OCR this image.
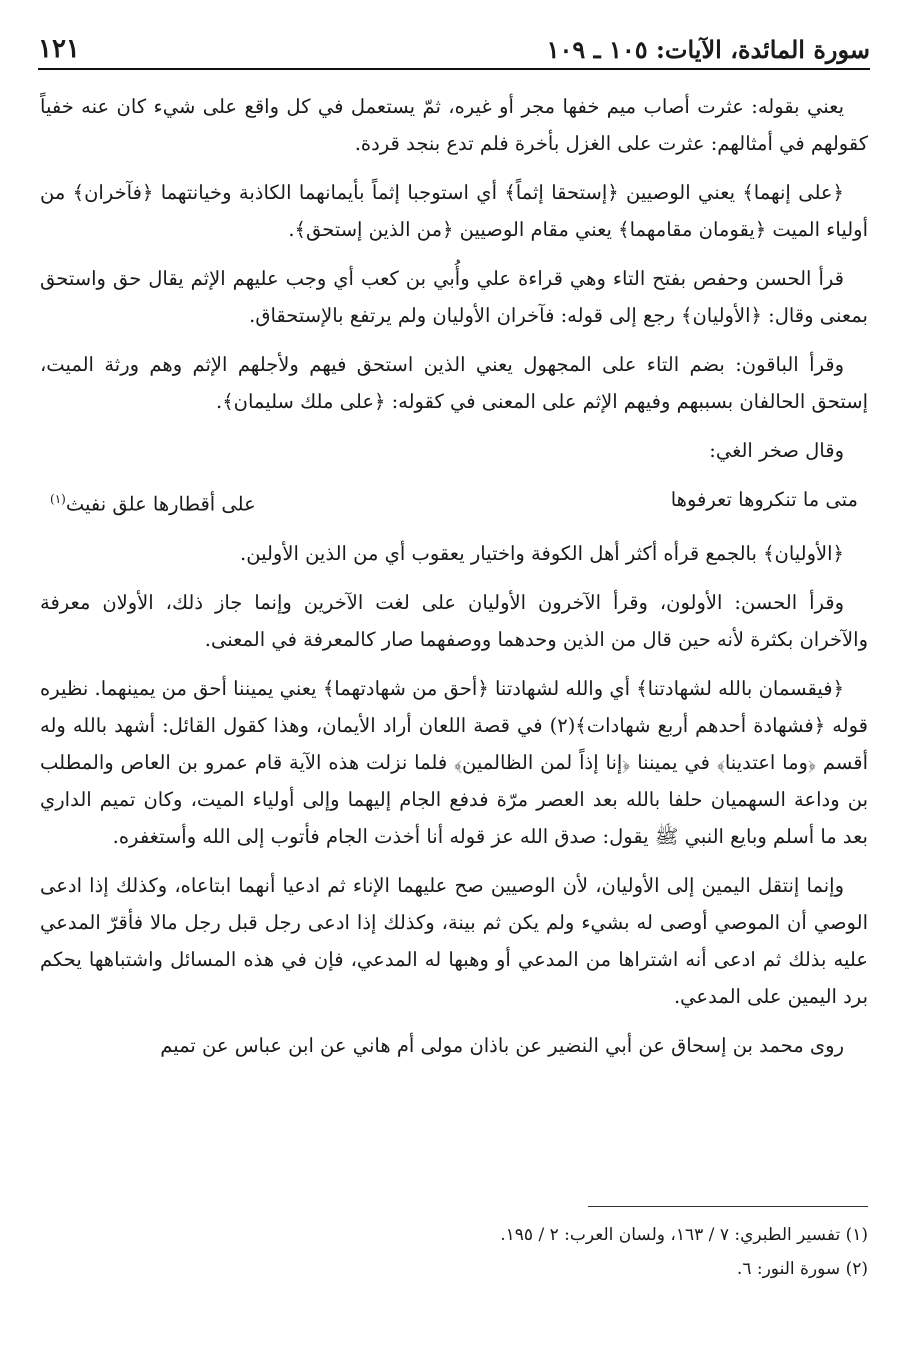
سورة المائدة، الآيات: ١٠٥ ـ ١٠٩
١٢١

يعني بقوله: عثرت أصاب ميم خفها مجر أو غيره، ثمّ يستعمل في كل واقع على شيء كان عنه خفياً كقولهم في أمثالهم: عثرت على الغزل بأخرة فلم تدع بنجد قردة.

﴿على إنهما﴾ يعني الوصيين ﴿إستحقا إثماً﴾ أي استوجبا إثماً بأيمانهما الكاذبة وخيانتهما ﴿فآخران﴾ من أولياء الميت ﴿يقومان مقامهما﴾ يعني مقام الوصيين ﴿من الذين إستحق﴾.

قرأ الحسن وحفص بفتح التاء وهي قراءة علي وأُبي بن كعب أي وجب عليهم الإثم يقال حق واستحق بمعنى وقال: ﴿الأوليان﴾ رجع إلى قوله: فآخران الأوليان ولم يرتفع بالإستحقاق.

وقرأ الباقون: بضم التاء على المجهول يعني الذين استحق فيهم ولأجلهم الإثم وهم ورثة الميت، إستحق الحالفان بسببهم وفيهم الإثم على المعنى في كقوله: ﴿على ملك سليمان﴾.

وقال صخر الغي:

متى ما تنكروها تعرفوها
على أقطارها علق نفيث$^{(١)}$

﴿الأوليان﴾ بالجمع قرأه أكثر أهل الكوفة واختيار يعقوب أي من الذين الأولين.

وقرأ الحسن: الأولون، وقرأ الآخرون الأوليان على لغت الآخرين وإنما جاز ذلك، الأولان معرفة والآخران بكثرة لأنه حين قال من الذين وحدهما ووصفهما صار كالمعرفة في المعنى.

﴿فيقسمان بالله لشهادتنا﴾ أي والله لشهادتنا ﴿أحق من شهادتهما﴾ يعني يميننا أحق من يمينهما. نظيره قوله ﴿فشهادة أحدهم أربع شهادات﴾(٢) في قصة اللعان أراد الأيمان، وهذا كقول القائل: أشهد بالله وله أقسم ﴿وما اعتدينا﴾ في يميننا ﴿إنا إذاً لمن الظالمين﴾ فلما نزلت هذه الآية قام عمرو بن العاص والمطلب بن وداعة السهميان حلفا بالله بعد العصر مرّة فدفع الجام إليهما وإلى أولياء الميت، وكان تميم الداري بعد ما أسلم وبايع النبي ﷺ يقول: صدق الله عز قوله أنا أخذت الجام فأتوب إلى الله وأستغفره.

وإنما إنتقل اليمين إلى الأوليان، لأن الوصيين صح عليهما الإناء ثم ادعيا أنهما ابتاعاه، وكذلك إذا ادعى الوصي أن الموصي أوصى له بشيء ولم يكن ثم بينة، وكذلك إذا ادعى رجل قبل رجل مالا فأقرّ المدعي عليه بذلك ثم ادعى أنه اشتراها من المدعي أو وهبها له المدعي، فإن في هذه المسائل واشتباهها يحكم برد اليمين على المدعي.

روى محمد بن إسحاق عن أبي النضير عن باذان مولى أم هاني عن ابن عباس عن تميم

(١) تفسير الطبري: ٧ / ١٦٣، ولسان العرب: ٢ / ١٩٥.
(٢) سورة النور: ٦.
